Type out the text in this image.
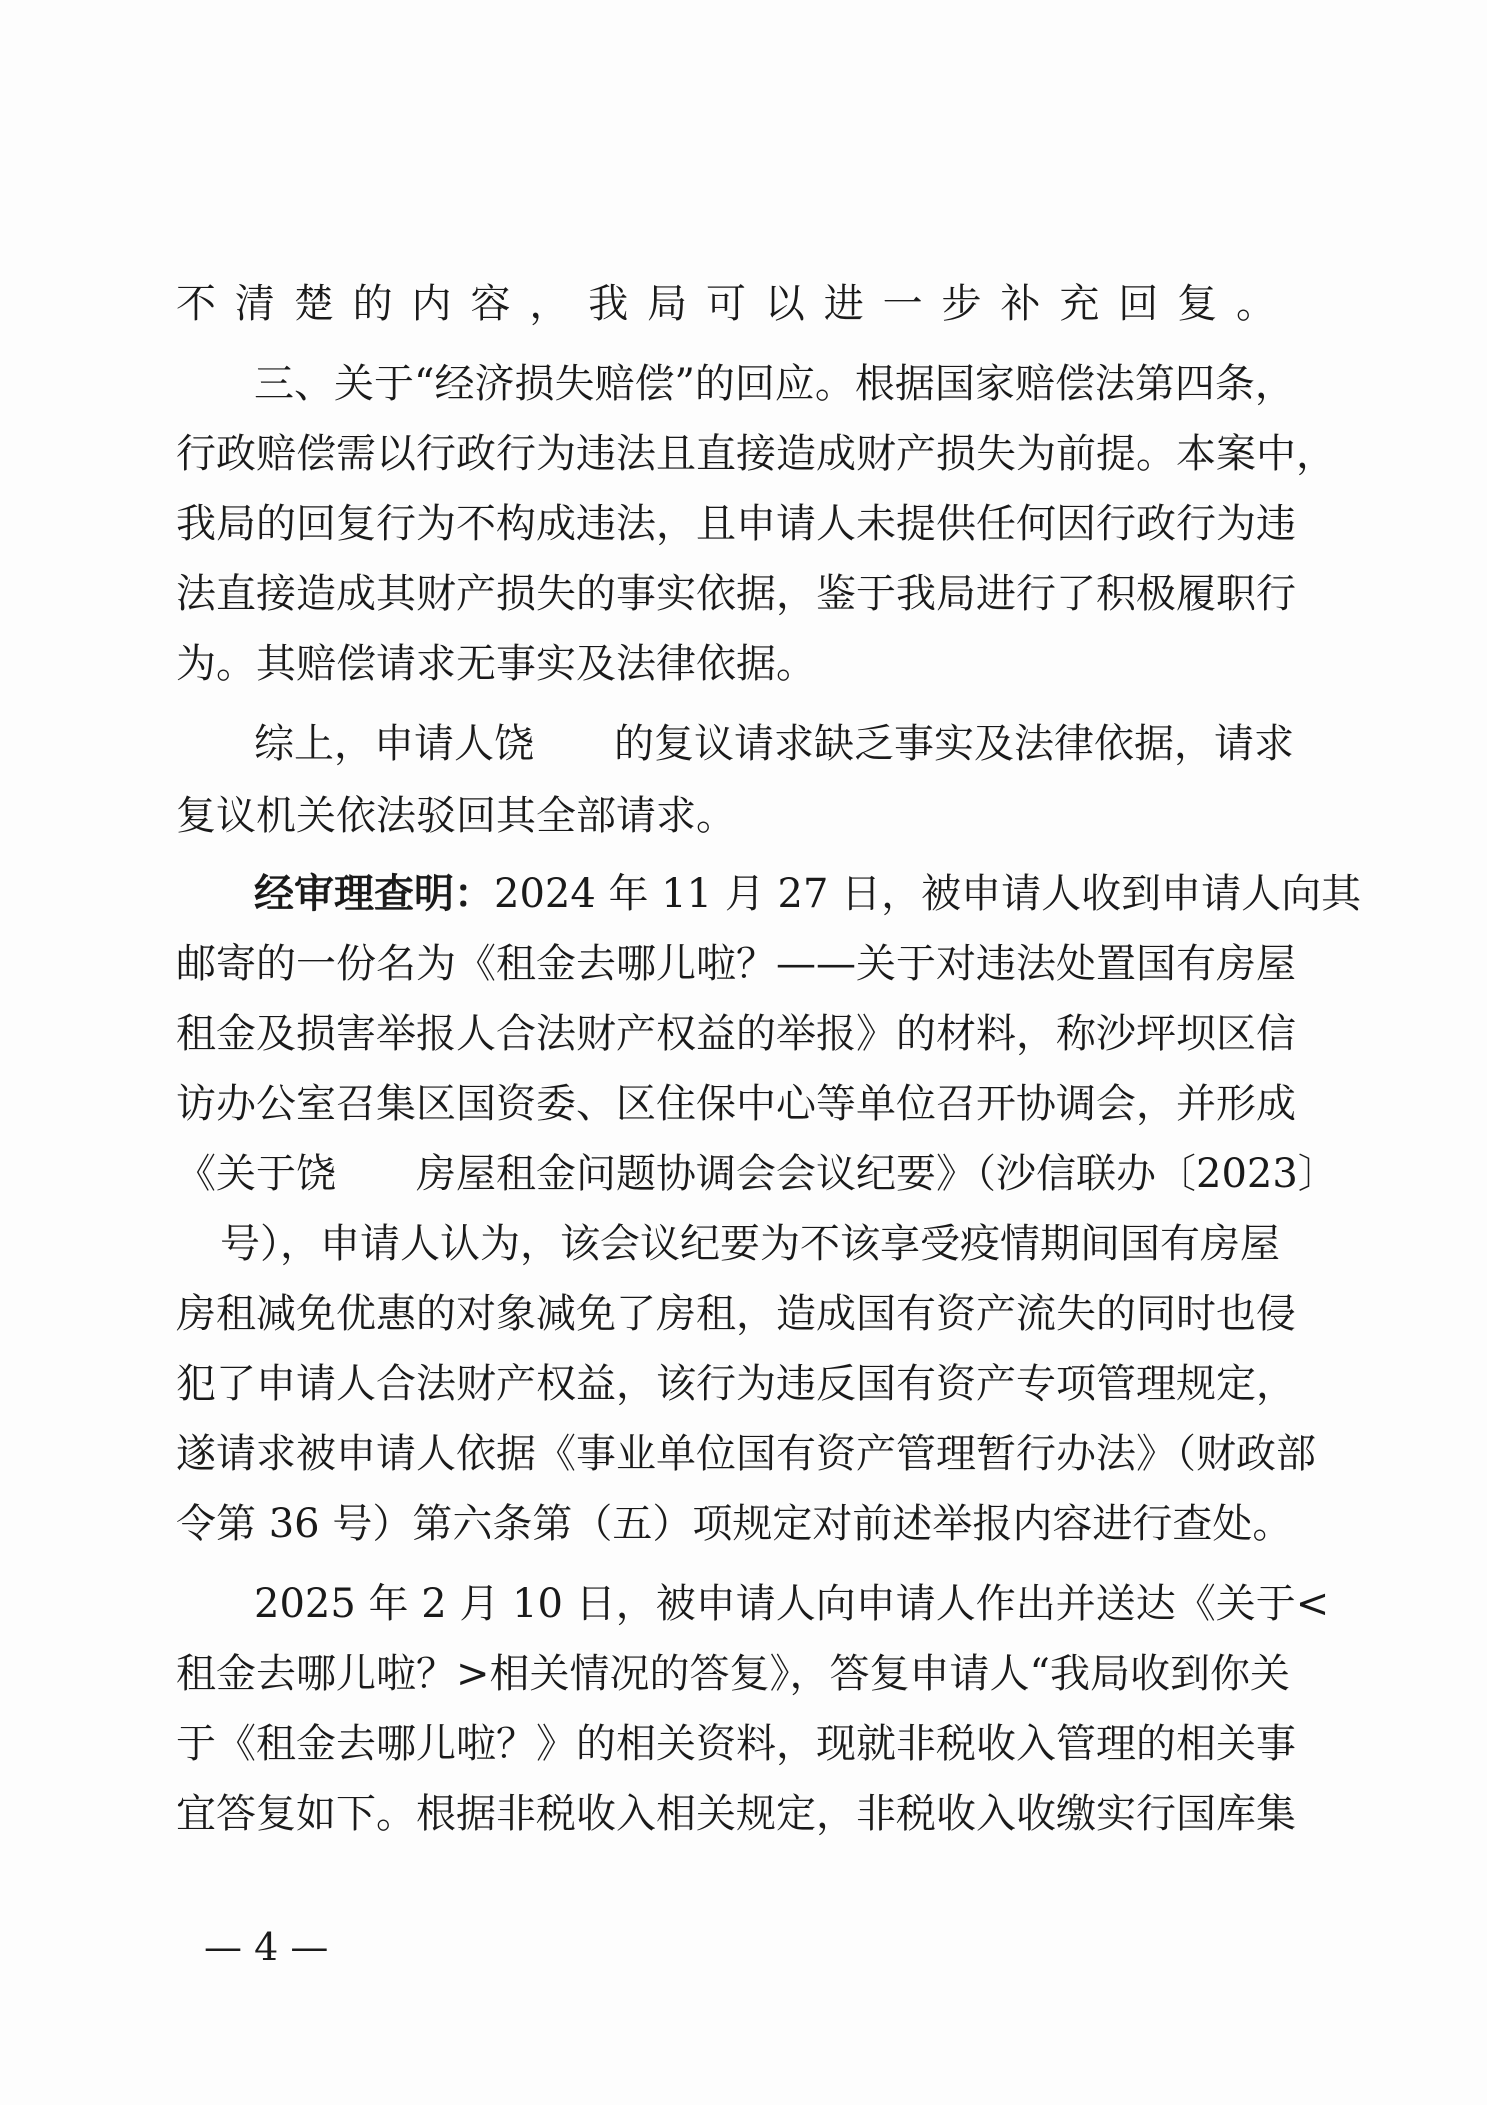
不清楚的内容，我局可以进一步补充回复。
三、关于“经济损失赔偿”的回应。根据国家赔偿法第四条，
行政赔偿需以行政行为违法且直接造成财产损失为前提。本案中，
我局的回复行为不构成违法，且申请人未提供任何因行政行为违
法直接造成其财产损失的事实依据，鉴于我局进行了积极履职行
为。其赔偿请求无事实及法律依据。
综上，申请人饶　　的复议请求缺乏事实及法律依据，请求
复议机关依法驳回其全部请求。
经审理查明：2024 年 11 月 27 日，被申请人收到申请人向其
邮寄的一份名为《租金去哪儿啦？——关于对违法处置国有房屋
租金及损害举报人合法财产权益的举报》的材料，称沙坪坝区信
访办公室召集区国资委、区住保中心等单位召开协调会，并形成
《关于饶　　房屋租金问题协调会会议纪要》（沙信联办〔2023〕
号），申请人认为，该会议纪要为不该享受疫情期间国有房屋
房租减免优惠的对象减免了房租，造成国有资产流失的同时也侵
犯了申请人合法财产权益，该行为违反国有资产专项管理规定，
遂请求被申请人依据《事业单位国有资产管理暂行办法》（财政部
令第 36 号）第六条第（五）项规定对前述举报内容进行查处。
2025 年 2 月 10 日，被申请人向申请人作出并送达《关于<
租金去哪儿啦？>相关情况的答复》，答复申请人“我局收到你关
于《租金去哪儿啦？》的相关资料，现就非税收入管理的相关事
宜答复如下。根据非税收入相关规定，非税收入收缴实行国库集
— 4 —
